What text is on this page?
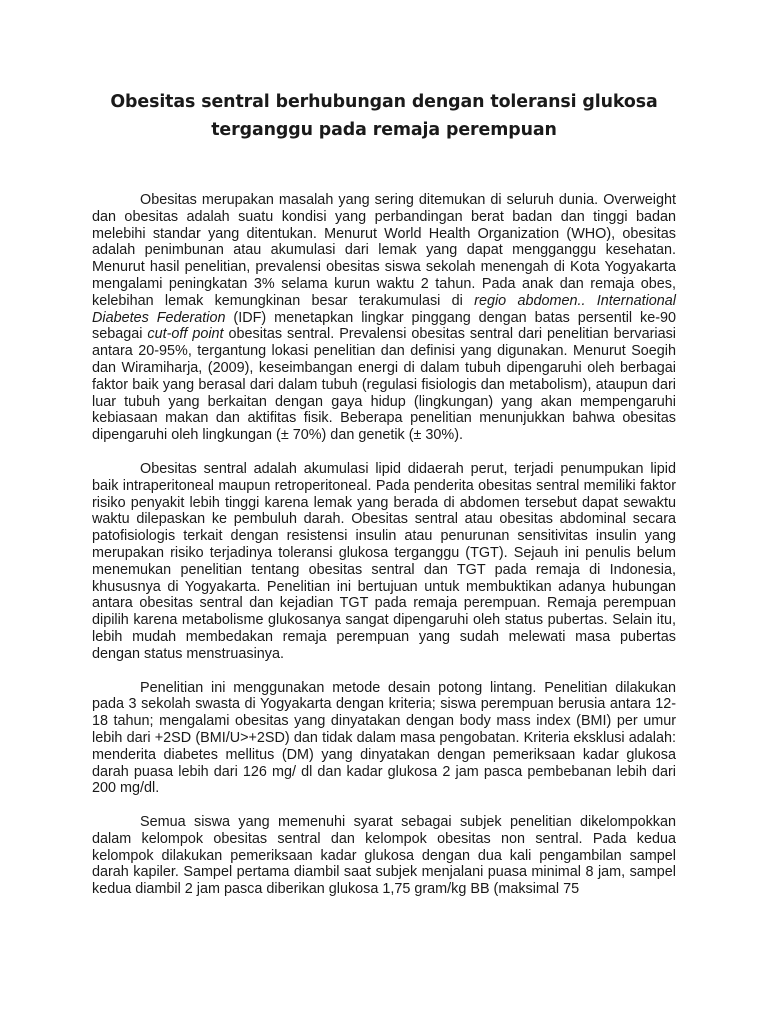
Obesitas sentral berhubungan dengan toleransi glukosa
terganggu pada remaja perempuan

Obesitas merupakan masalah yang sering ditemukan di seluruh dunia. Overweight dan obesitas adalah suatu kondisi yang perbandingan berat badan dan tinggi badan melebihi standar yang ditentukan. Menurut World Health Organization (WHO), obesitas adalah penimbunan atau akumulasi dari lemak yang dapat mengganggu kesehatan. Menurut hasil penelitian, prevalensi obesitas siswa sekolah menengah di Kota Yogyakarta mengalami peningkatan 3% selama kurun waktu 2 tahun. Pada anak dan remaja obes, kelebihan lemak kemungkinan besar terakumulasi di regio abdomen.. International Diabetes Federation (IDF) menetapkan lingkar pinggang dengan batas persentil ke-90 sebagai cut-off point obesitas sentral. Prevalensi obesitas sentral dari penelitian bervariasi antara 20-95%, tergantung lokasi penelitian dan definisi yang digunakan. Menurut Soegih dan Wiramiharja, (2009), keseimbangan energi di dalam tubuh dipengaruhi oleh berbagai faktor baik yang berasal dari dalam tubuh (regulasi fisiologis dan metabolism), ataupun dari luar tubuh yang berkaitan dengan gaya hidup (lingkungan) yang akan mempengaruhi kebiasaan makan dan aktifitas fisik. Beberapa penelitian menunjukkan bahwa obesitas dipengaruhi oleh lingkungan (± 70%) dan genetik (± 30%).

Obesitas sentral adalah akumulasi lipid didaerah perut, terjadi penumpukan lipid baik intraperitoneal maupun retroperitoneal. Pada penderita obesitas sentral memiliki faktor risiko penyakit lebih tinggi karena lemak yang berada di abdomen tersebut dapat sewaktu waktu dilepaskan ke pembuluh darah. Obesitas sentral atau obesitas abdominal secara patofisiologis terkait dengan resistensi insulin atau penurunan sensitivitas insulin yang merupakan risiko terjadinya toleransi glukosa terganggu (TGT). Sejauh ini penulis belum menemukan penelitian tentang obesitas sentral dan TGT pada remaja di Indonesia, khususnya di Yogyakarta. Penelitian ini bertujuan untuk membuktikan adanya hubungan antara obesitas sentral dan kejadian TGT pada remaja perempuan. Remaja perempuan dipilih karena metabolisme glukosanya sangat dipengaruhi oleh status pubertas. Selain itu, lebih mudah membedakan remaja perempuan yang sudah melewati masa pubertas dengan status menstruasinya.

Penelitian ini menggunakan metode desain potong lintang. Penelitian dilakukan pada 3 sekolah swasta di Yogyakarta dengan kriteria; siswa perempuan berusia antara 12-18 tahun; mengalami obesitas yang dinyatakan dengan body mass index (BMI) per umur lebih dari +2SD (BMI/U>+2SD) dan tidak dalam masa pengobatan. Kriteria eksklusi adalah: menderita diabetes mellitus (DM) yang dinyatakan dengan pemeriksaan kadar glukosa darah puasa lebih dari 126 mg/ dl dan kadar glukosa 2 jam pasca pembebanan lebih dari 200 mg/dl.

Semua siswa yang memenuhi syarat sebagai subjek penelitian dikelompokkan dalam kelompok obesitas sentral dan kelompok obesitas non sentral. Pada kedua kelompok dilakukan pemeriksaan kadar glukosa dengan dua kali pengambilan sampel darah kapiler. Sampel pertama diambil saat subjek menjalani puasa minimal 8 jam, sampel kedua diambil 2 jam pasca diberikan glukosa 1,75 gram/kg BB (maksimal 75
